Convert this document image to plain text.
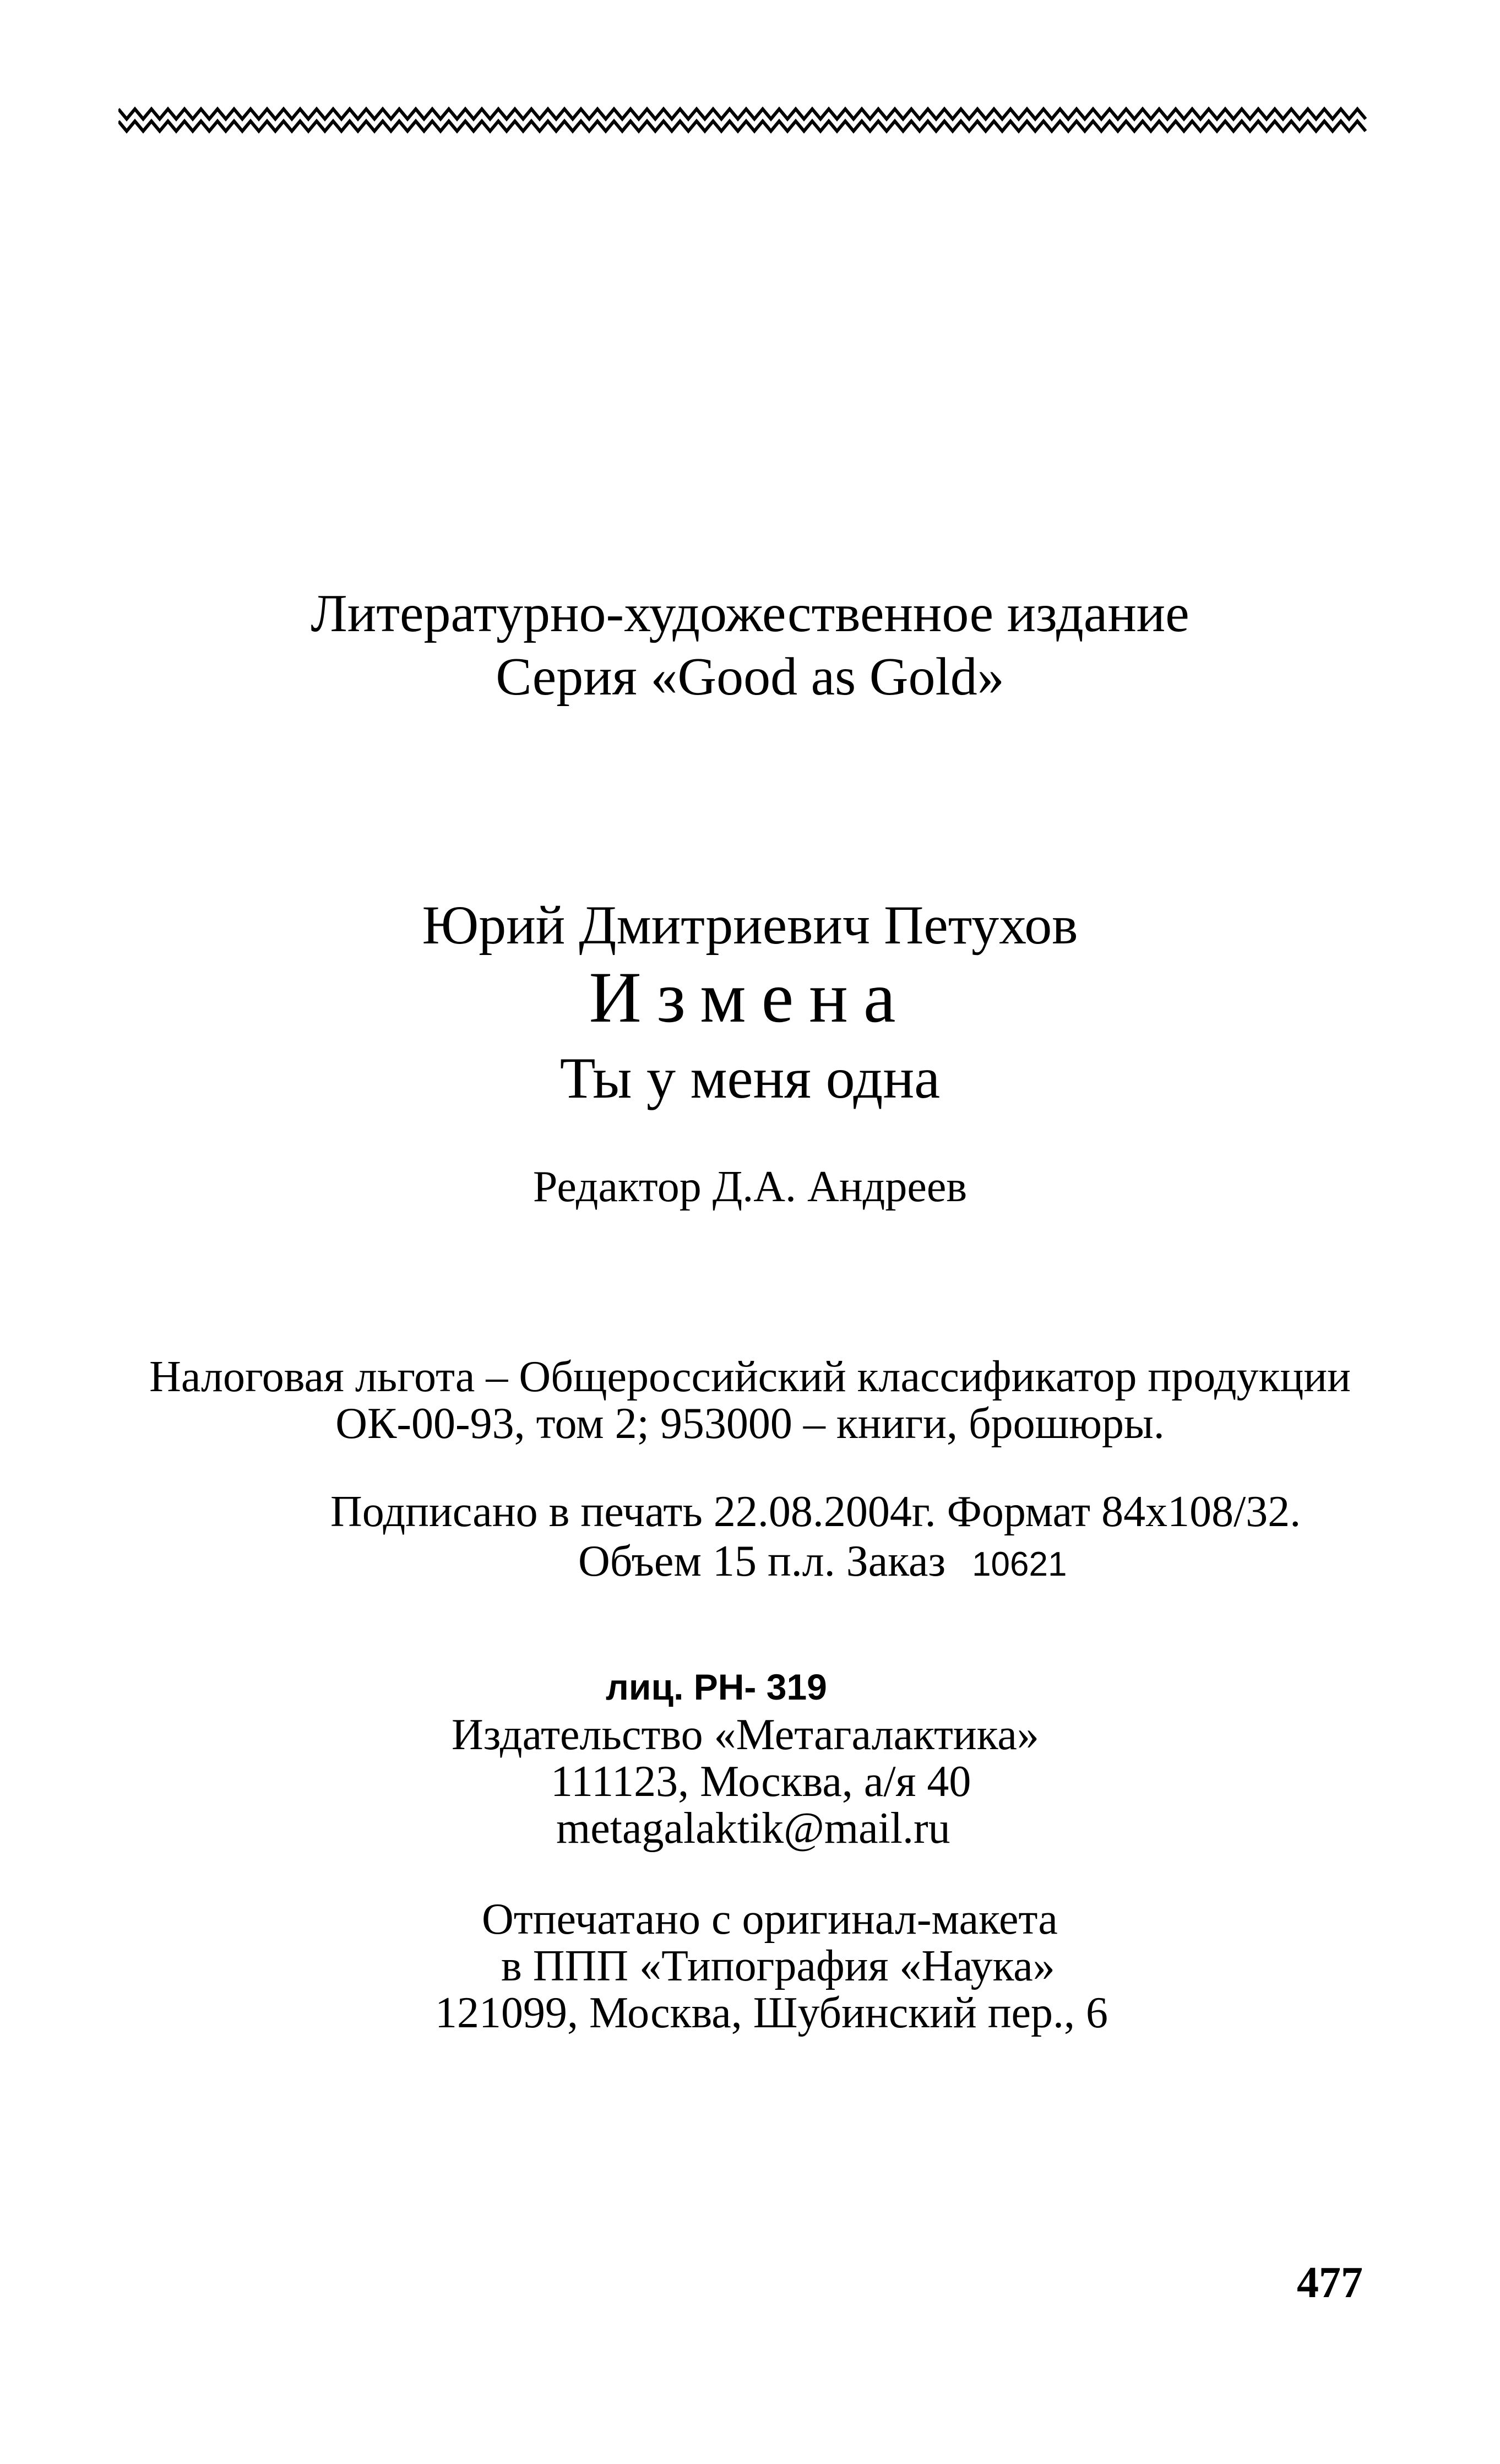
Литературно-художественное издание
Серия «Good as Gold»
Юрий Дмитриевич Петухов
Измена
Ты у меня одна
Редактор Д.А. Андреев
Налоговая льгота – Общероссийский классификатор продукции
ОК-00-93, том 2; 953000 – книги, брошюры.
Подписано в печать 22.08.2004г. Формат 84х108/32.
Объем 15 п.л. Заказ 10621
лиц. РН- 319
Издательство «Метагалактика»
111123, Москва, а/я 40
metagalaktik@mail.ru
Отпечатано с оригинал-макета
в ППП «Типография «Наука»
121099, Москва, Шубинский пер., 6
477
